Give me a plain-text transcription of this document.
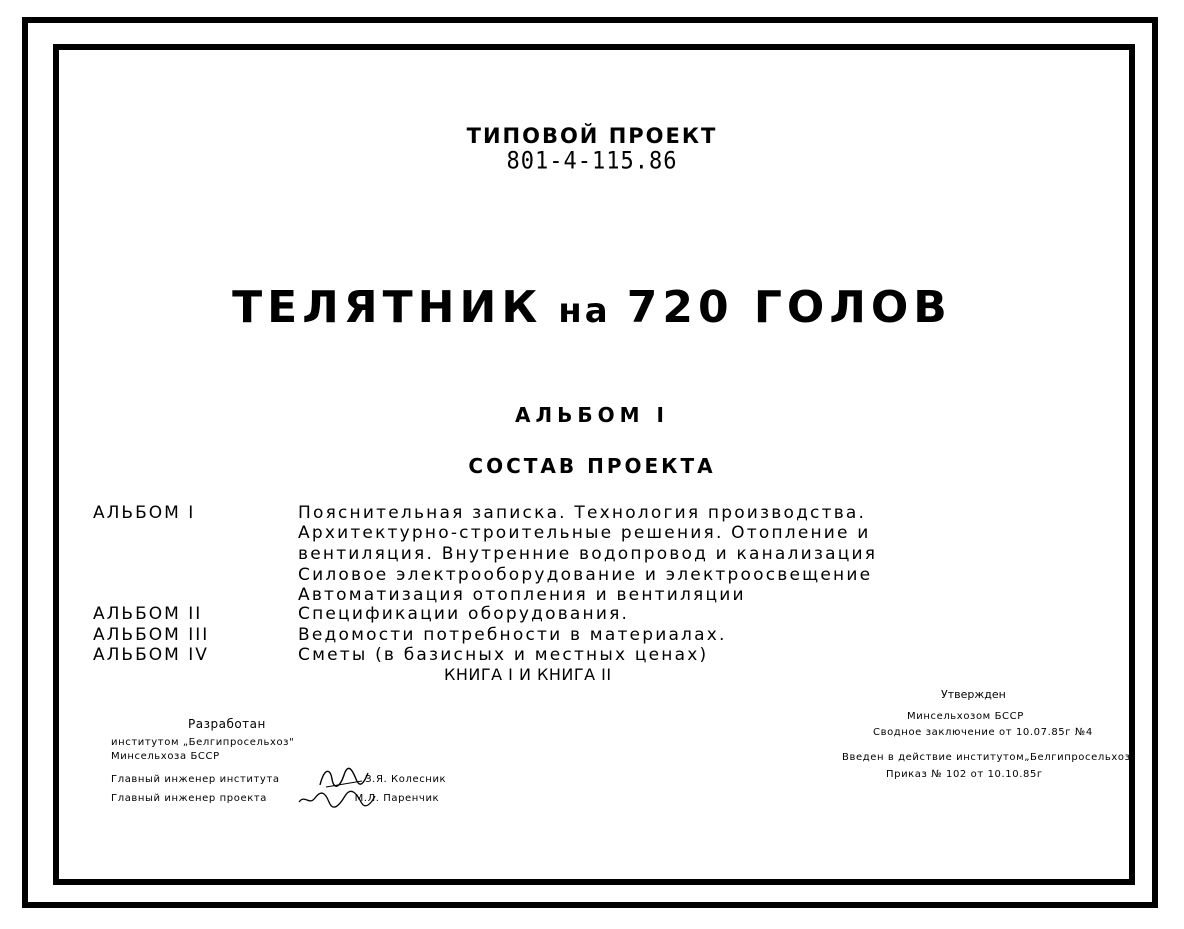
ТИПОВОЙ ПРОЕКТ
801-4-115.86
ТЕЛЯТНИК на 720 ГОЛОВ
АЛЬБОМ I
СОСТАВ ПРОЕКТА
АЛЬБОМ I	Пояснительная записка. Технология производства.
Архитектурно-строительные решения. Отопление и
вентиляция. Внутренние водопровод и канализация
Силовое электрооборудование и электроосвещение
Автоматизация отопления и вентиляции
АЛЬБОМ II	Спецификации оборудования.
АЛЬБОМ III	Ведомости потребности в материалах.
АЛЬБОМ IV	Сметы (в базисных и местных ценах)
КНИГА I И КНИГА II
Разработан
институтом „Белгипросельхоз"
Минсельхоза БССР
Главный инженер института	З.Я. Колесник
Главный инженер проекта	М.Л. Паренчик
Утвержден
Минсельхозом БССР
Сводное заключение от 10.07.85г №4
Введен в действие институтом„Белгипросельхоз"
Приказ № 102 от 10.10.85г
